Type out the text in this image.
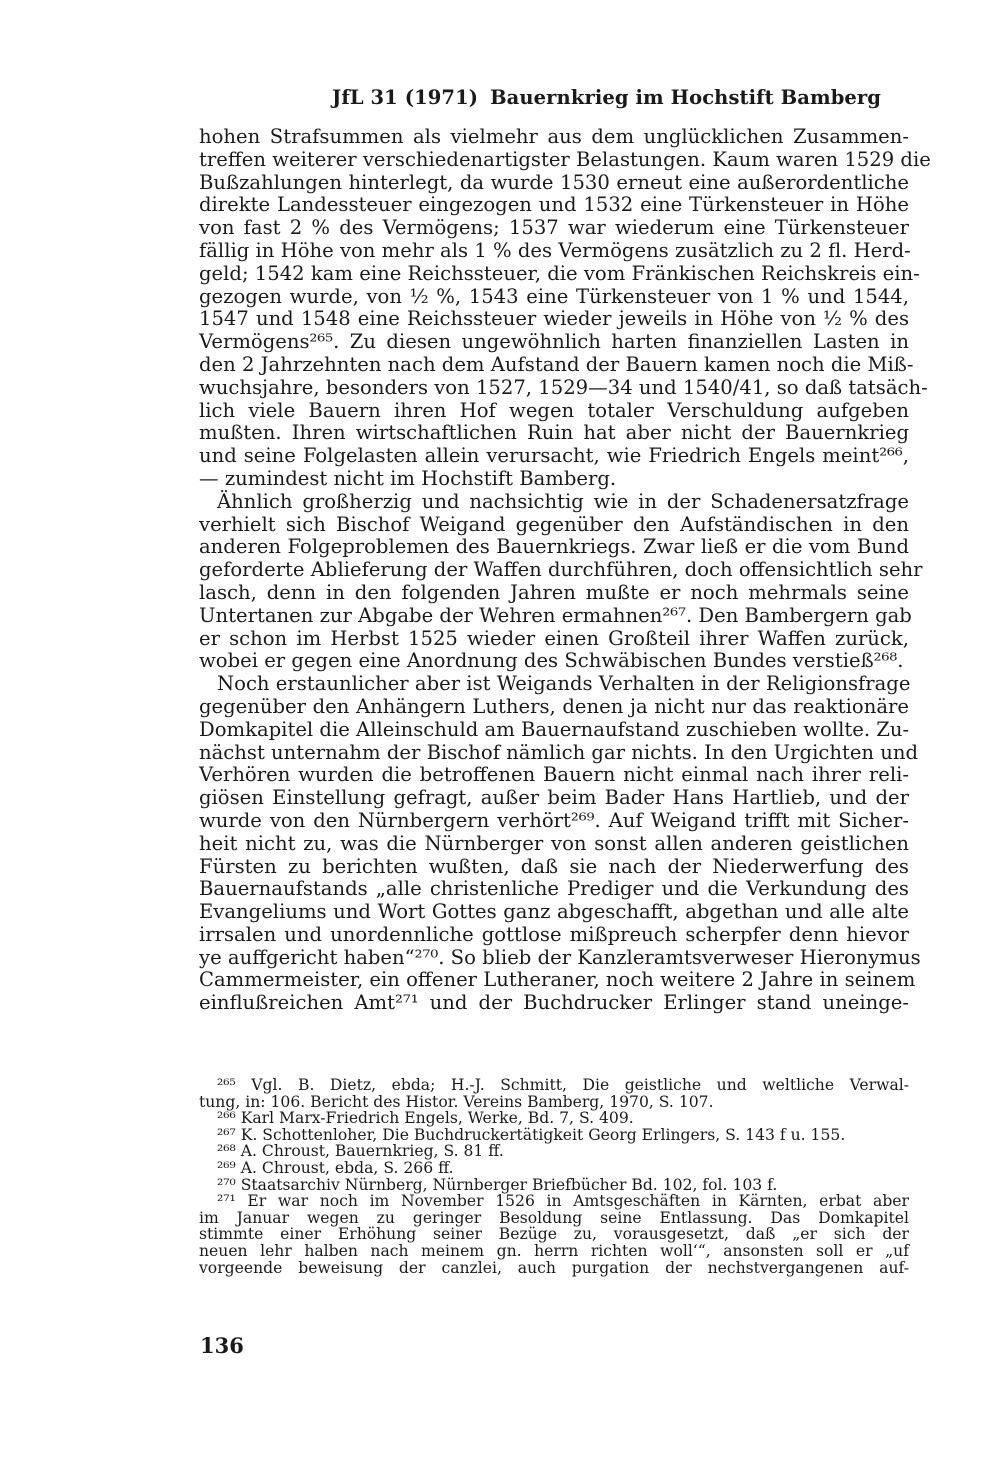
JfL 31 (1971) Bauernkrieg im Hochstift Bamberg
hohen Strafsummen als vielmehr aus dem unglücklichen Zusammen-
treffen weiterer verschiedenartigster Belastungen. Kaum waren 1529 die
Bußzahlungen hinterlegt, da wurde 1530 erneut eine außerordentliche
direkte Landessteuer eingezogen und 1532 eine Türkensteuer in Höhe
von fast 2 % des Vermögens; 1537 war wiederum eine Türkensteuer
fällig in Höhe von mehr als 1 % des Vermögens zusätzlich zu 2 fl. Herd-
geld; 1542 kam eine Reichssteuer, die vom Fränkischen Reichskreis ein-
gezogen wurde, von ½ %, 1543 eine Türkensteuer von 1 % und 1544,
1547 und 1548 eine Reichssteuer wieder jeweils in Höhe von ½ % des
Vermögens²⁶⁵. Zu diesen ungewöhnlich harten finanziellen Lasten in
den 2 Jahrzehnten nach dem Aufstand der Bauern kamen noch die Miß-
wuchsjahre, besonders von 1527, 1529—34 und 1540/41, so daß tatsäch-
lich viele Bauern ihren Hof wegen totaler Verschuldung aufgeben
mußten. Ihren wirtschaftlichen Ruin hat aber nicht der Bauernkrieg
und seine Folgelasten allein verursacht, wie Friedrich Engels meint²⁶⁶,
— zumindest nicht im Hochstift Bamberg.
Ähnlich großherzig und nachsichtig wie in der Schadenersatzfrage
verhielt sich Bischof Weigand gegenüber den Aufständischen in den
anderen Folgeproblemen des Bauernkriegs. Zwar ließ er die vom Bund
geforderte Ablieferung der Waffen durchführen, doch offensichtlich sehr
lasch, denn in den folgenden Jahren mußte er noch mehrmals seine
Untertanen zur Abgabe der Wehren ermahnen²⁶⁷. Den Bambergern gab
er schon im Herbst 1525 wieder einen Großteil ihrer Waffen zurück,
wobei er gegen eine Anordnung des Schwäbischen Bundes verstieß²⁶⁸.
Noch erstaunlicher aber ist Weigands Verhalten in der Religionsfrage
gegenüber den Anhängern Luthers, denen ja nicht nur das reaktionäre
Domkapitel die Alleinschuld am Bauernaufstand zuschieben wollte. Zu-
nächst unternahm der Bischof nämlich gar nichts. In den Urgichten und
Verhören wurden die betroffenen Bauern nicht einmal nach ihrer reli-
giösen Einstellung gefragt, außer beim Bader Hans Hartlieb, und der
wurde von den Nürnbergern verhört²⁶⁹. Auf Weigand trifft mit Sicher-
heit nicht zu, was die Nürnberger von sonst allen anderen geistlichen
Fürsten zu berichten wußten, daß sie nach der Niederwerfung des
Bauernaufstands „alle christenliche Prediger und die Verkundung des
Evangeliums und Wort Gottes ganz abgeschafft, abgethan und alle alte
irrsalen und unordennliche gottlose mißpreuch scherpfer denn hievor
ye auffgericht haben“²⁷⁰. So blieb der Kanzleramtsverweser Hieronymus
Cammermeister, ein offener Lutheraner, noch weitere 2 Jahre in seinem
einflußreichen Amt²⁷¹ und der Buchdrucker Erlinger stand uneinge-
²⁶⁵ Vgl. B. Dietz, ebda; H.-J. Schmitt, Die geistliche und weltliche Verwal-
tung, in: 106. Bericht des Histor. Vereins Bamberg, 1970, S. 107.
²⁶⁶ Karl Marx-Friedrich Engels, Werke, Bd. 7, S. 409.
²⁶⁷ K. Schottenloher, Die Buchdruckertätigkeit Georg Erlingers, S. 143 f u. 155.
²⁶⁸ A. Chroust, Bauernkrieg, S. 81 ff.
²⁶⁹ A. Chroust, ebda, S. 266 ff.
²⁷⁰ Staatsarchiv Nürnberg, Nürnberger Briefbücher Bd. 102, fol. 103 f.
²⁷¹ Er war noch im November 1526 in Amtsgeschäften in Kärnten, erbat aber
im Januar wegen zu geringer Besoldung seine Entlassung. Das Domkapitel
stimmte einer Erhöhung seiner Bezüge zu, vorausgesetzt, daß „er sich der
neuen lehr halben nach meinem gn. herrn richten woll‘“, ansonsten soll er „uf
vorgeende beweisung der canzlei, auch purgation der nechstvergangenen auf-
136
